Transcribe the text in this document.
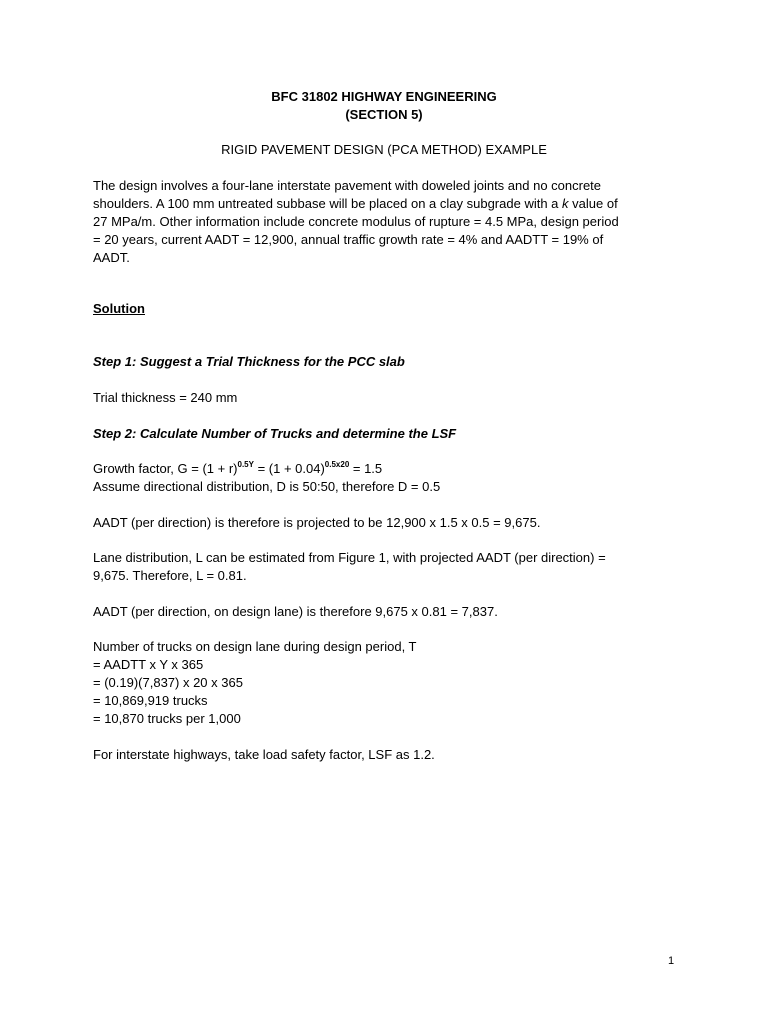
BFC 31802 HIGHWAY ENGINEERING
(SECTION 5)
RIGID PAVEMENT DESIGN (PCA METHOD) EXAMPLE
The design involves a four-lane interstate pavement with doweled joints and no concrete
shoulders. A 100 mm untreated subbase will be placed on a clay subgrade with a k value of
27 MPa/m. Other information include concrete modulus of rupture = 4.5 MPa, design period
= 20 years, current AADT = 12,900, annual traffic growth rate = 4% and AADTT = 19% of
AADT.
Solution
Step 1: Suggest a Trial Thickness for the PCC slab
Trial thickness = 240 mm
Step 2: Calculate Number of Trucks and determine the LSF
Growth factor, $G = (1 + r)^{0.5Y} = (1 + 0.04)^{0.5x20} = 1.5$
Assume directional distribution, D is 50:50, therefore D = 0.5
AADT (per direction) is therefore is projected to be 12,900 x 1.5 x 0.5 = 9,675.
Lane distribution, L can be estimated from Figure 1, with projected AADT (per direction) =
9,675. Therefore, L = 0.81.
AADT (per direction, on design lane) is therefore 9,675 x 0.81 = 7,837.
Number of trucks on design lane during design period, T
= AADTT x Y x 365
= (0.19)(7,837) x 20 x 365
= 10,869,919 trucks
= 10,870 trucks per 1,000
For interstate highways, take load safety factor, LSF as 1.2.
1
